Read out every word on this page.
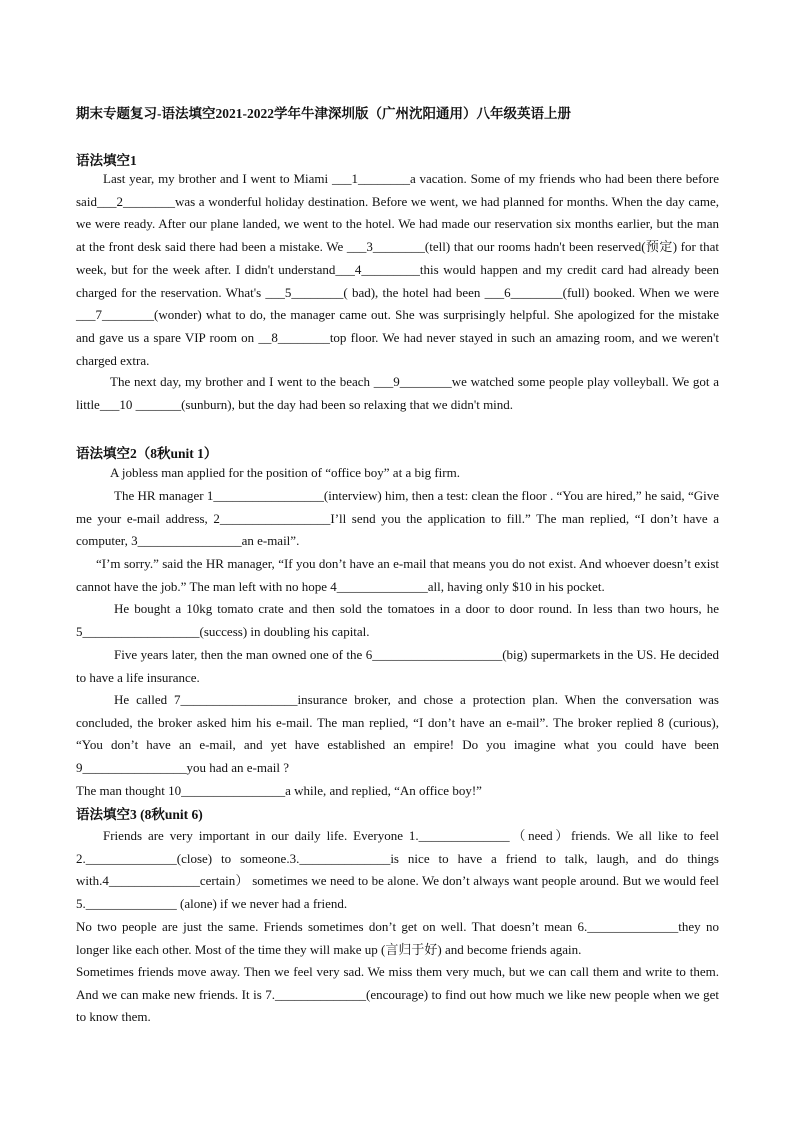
期末专题复习-语法填空2021-2022学年牛津深圳版（广州沈阳通用）八年级英语上册
语法填空1
Last year, my brother and I went to Miami ___1________a vacation. Some of my friends who had been there before said___2________was a wonderful holiday destination. Before we went, we had planned for months. When the day came, we were ready. After our plane landed, we went to the hotel. We had made our reservation six months earlier, but the man at the front desk said there had been a mistake. We ___3________(tell) that our rooms hadn't been reserved(预定) for that week, but for the week after. I didn't understand___4_________this would happen and my credit card had already been charged for the reservation. What's ___5________( bad), the hotel had been ___6________(full) booked. When we were ___7________(wonder) what to do, the manager came out. She was surprisingly helpful. She apologized for the mistake and gave us a spare VIP room on __8________top floor. We had never stayed in such an amazing room, and we weren't charged extra.
The next day, my brother and I went to the beach ___9________we watched some people play volleyball. We got a little___10 _______(sunburn), but the day had been so relaxing that we didn't mind.
语法填空2（8秋unit 1）
A jobless man applied for the position of “office boy” at a big firm.
The HR manager 1_________________(interview) him, then a test: clean the floor . “You are hired,” he said, “Give me your e-mail address, 2_________________I’ll send you the application to fill.” The man replied, “I don’t have a computer, 3________________an e-mail”.
“I’m sorry.” said the HR manager, “If you don’t have an e-mail that means you do not exist. And whoever doesn’t exist cannot have the job.” The man left with no hope 4______________all, having only $10 in his pocket.
He bought a 10kg tomato crate and then sold the tomatoes in a door to door round. In less than two hours, he 5__________________(success) in doubling his capital.
Five years later, then the man owned one of the 6____________________(big) supermarkets in the US. He decided to have a life insurance.
He called 7__________________insurance broker, and chose a protection plan. When the conversation was concluded, the broker asked him his e-mail. The man replied, “I don’t have an e-mail”. The broker replied 8 (curious), “You don’t have an e-mail, and yet have established an empire! Do you imagine what you could have been 9________________you had an e-mail ?
The man thought 10________________a while, and replied, “An office boy!”
语法填空3 (8秋unit 6)
Friends are very important in our daily life. Everyone 1.______________（need）friends. We all like to feel 2.______________(close) to someone.3.______________is nice to have a friend to talk, laugh, and do things with.4______________certain） sometimes we need to be alone. We don’t always want people around. But we would feel 5.______________ (alone) if we never had a friend.
No two people are just the same. Friends sometimes don’t get on well. That doesn’t mean 6.______________they no longer like each other. Most of the time they will make up (言归于好) and become friends again.
Sometimes friends move away. Then we feel very sad. We miss them very much, but we can call them and write to them. And we can make new friends. It is 7.______________(encourage) to find out how much we like new people when we get to know them.
